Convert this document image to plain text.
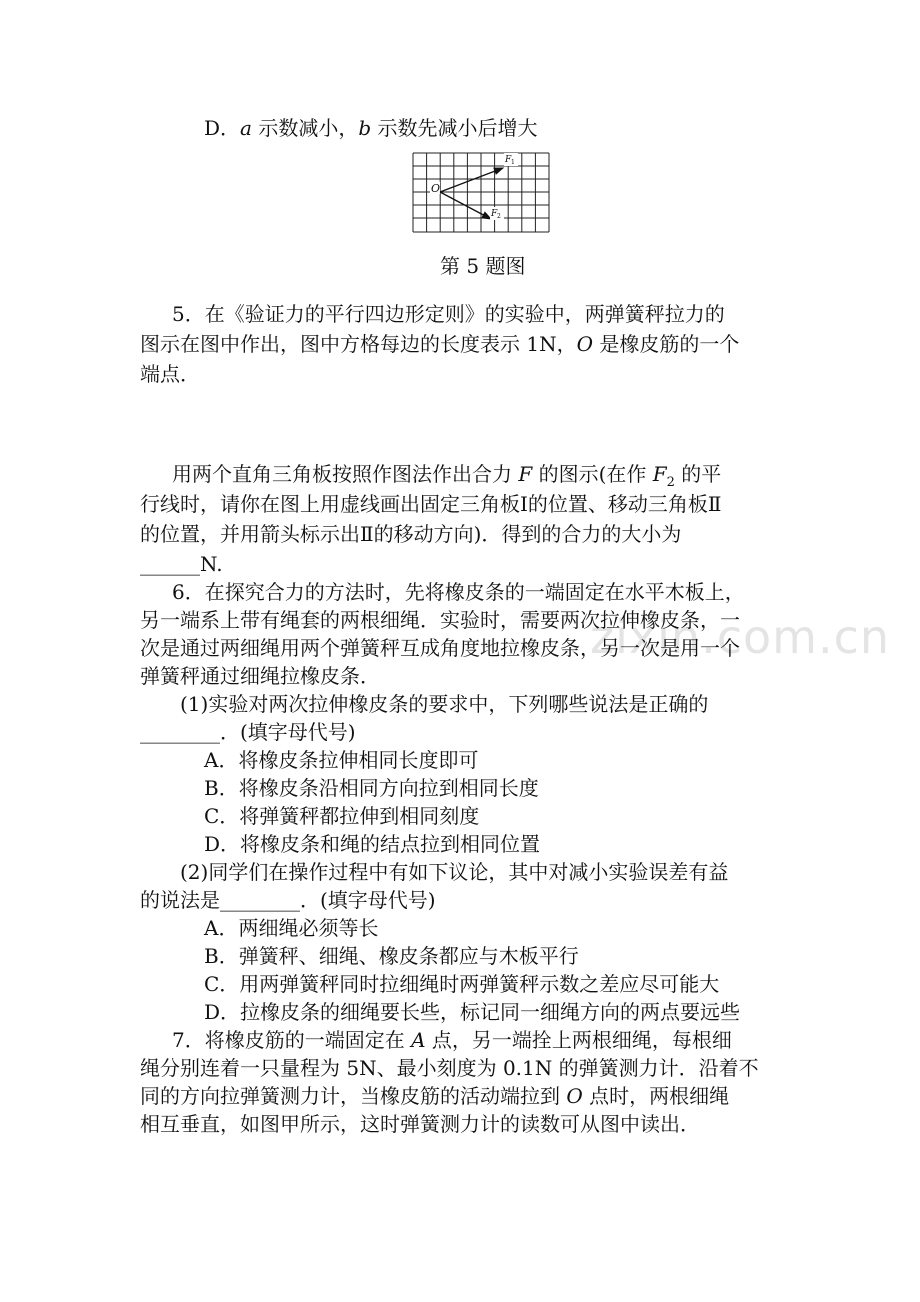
zixin.com.cn
D．a 示数减小，b 示数先减小后增大
O
F 1
F 2
第 5 题图
5．在《验证力的平行四边形定则》的实验中，两弹簧秤拉力的
图示在图中作出，图中方格每边的长度表示 1N，O 是橡皮筋的一个
端点．
用两个直角三角板按照作图法作出合力 F 的图示(在作 $F_2$ 的平
行线时，请你在图上用虚线画出固定三角板Ⅰ的位置、移动三角板Ⅱ
的位置，并用箭头标示出Ⅱ的移动方向)．得到的合力的大小为
______N.
6．在探究合力的方法时，先将橡皮条的一端固定在水平木板上，
另一端系上带有绳套的两根细绳．实验时，需要两次拉伸橡皮条，一
次是通过两细绳用两个弹簧秤互成角度地拉橡皮条，另一次是用一个
弹簧秤通过细绳拉橡皮条．
(1)实验对两次拉伸橡皮条的要求中，下列哪些说法是正确的
________．(填字母代号)
A．将橡皮条拉伸相同长度即可
B．将橡皮条沿相同方向拉到相同长度
C．将弹簧秤都拉伸到相同刻度
D．将橡皮条和绳的结点拉到相同位置
(2)同学们在操作过程中有如下议论，其中对减小实验误差有益
的说法是________．(填字母代号)
A．两细绳必须等长
B．弹簧秤、细绳、橡皮条都应与木板平行
C．用两弹簧秤同时拉细绳时两弹簧秤示数之差应尽可能大
D．拉橡皮条的细绳要长些，标记同一细绳方向的两点要远些
7．将橡皮筋的一端固定在 A 点，另一端拴上两根细绳，每根细
绳分别连着一只量程为 5N、最小刻度为 0.1N 的弹簧测力计．沿着不
同的方向拉弹簧测力计，当橡皮筋的活动端拉到 O 点时，两根细绳
相互垂直，如图甲所示，这时弹簧测力计的读数可从图中读出．
